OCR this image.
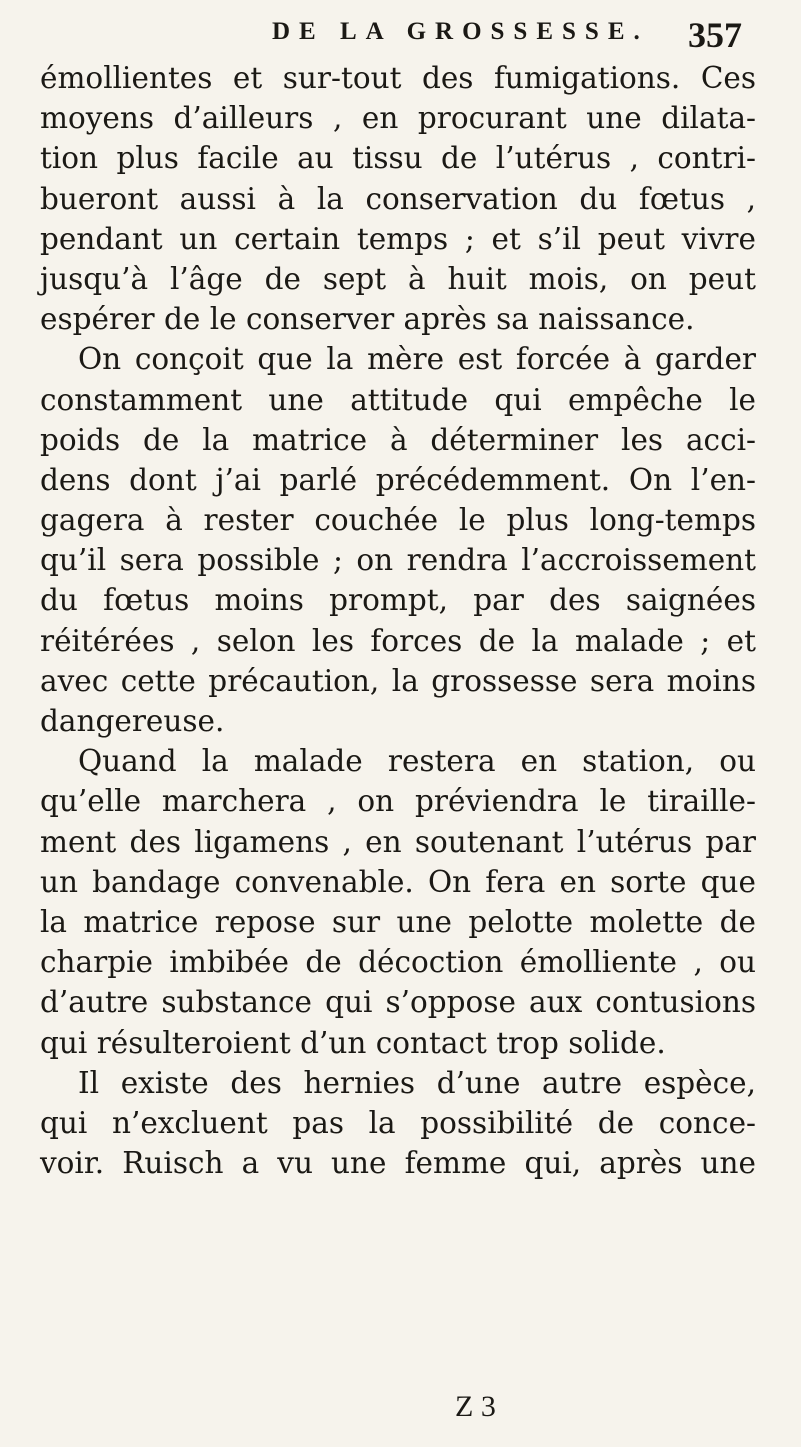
DE LA GROSSESSE. 357
émollientes et sur-tout des fumigations. Ces
moyens d’ailleurs , en procurant une dilata-
tion plus facile au tissu de l’utérus , contri-
bueront aussi à la conservation du fœtus ,
pendant un certain temps ; et s’il peut vivre
jusqu’à l’âge de sept à huit mois, on peut
espérer de le conserver après sa naissance.
On conçoit que la mère est forcée à garder
constamment une attitude qui empêche le
poids de la matrice à déterminer les acci-
dens dont j’ai parlé précédemment. On l’en-
gagera à rester couchée le plus long-temps
qu’il sera possible ; on rendra l’accroissement
du fœtus moins prompt, par des saignées
réitérées , selon les forces de la malade ; et
avec cette précaution, la grossesse sera moins
dangereuse.
Quand la malade restera en station, ou
qu’elle marchera , on préviendra le tiraille-
ment des ligamens , en soutenant l’utérus par
un bandage convenable. On fera en sorte que
la matrice repose sur une pelotte molette de
charpie imbibée de décoction émolliente , ou
d’autre substance qui s’oppose aux contusions
qui résulteroient d’un contact trop solide.
Il existe des hernies d’une autre espèce,
qui n’excluent pas la possibilité de conce-
voir. Ruisch a vu une femme qui, après une
Z 3
